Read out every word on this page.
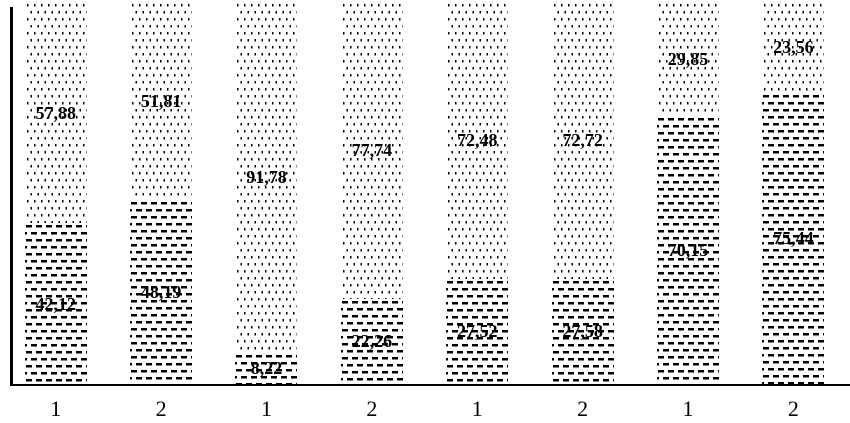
57,88
42,12
51,81
48,19
91,78
8,22
77,74
22,26
72,48
27,52
72,72
27,58
29,85
70,15
23,56
75,44
1	2	1	2	1	2	1	2
